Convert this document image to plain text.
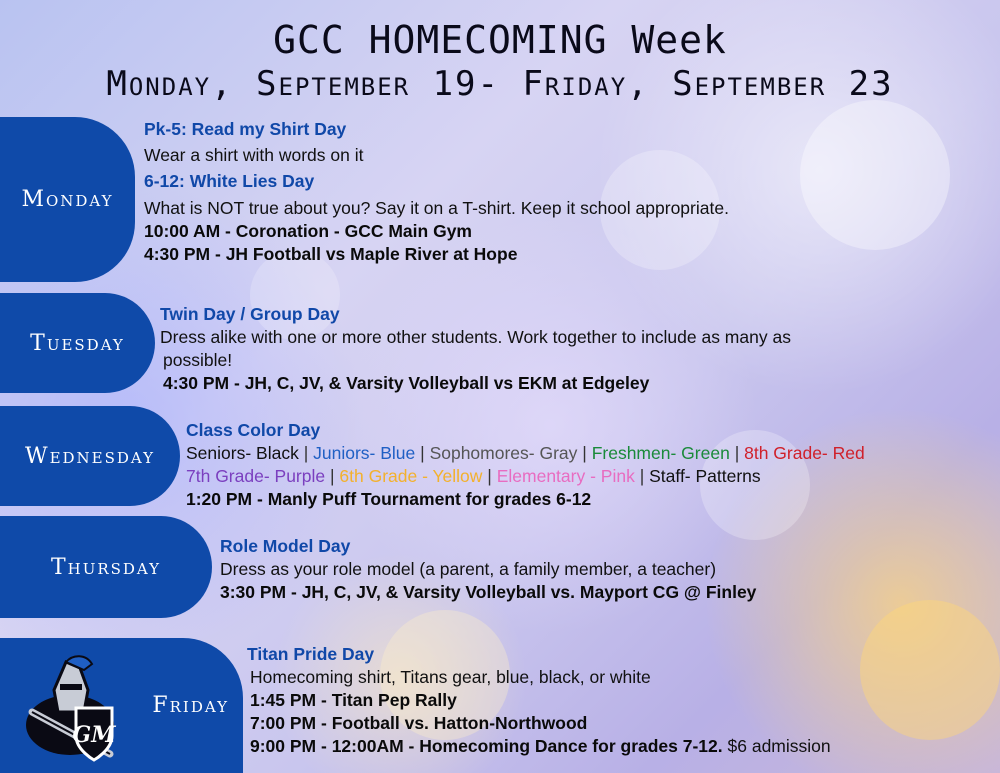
GCC HOMECOMING Week
Monday, September 19- Friday, September 23
Monday
Pk-5: Read my Shirt Day
Wear a shirt with words on it
6-12: White Lies Day
What is NOT true about you? Say it on a T-shirt. Keep it school appropriate.
10:00 AM - Coronation - GCC Main Gym
4:30 PM - JH Football vs Maple River at Hope
Tuesday
Twin Day / Group Day
Dress alike with one or more other students. Work together to include as many as
possible!
4:30 PM - JH, C, JV, & Varsity Volleyball vs EKM at Edgeley
Wednesday
Class Color Day
Seniors- Black | Juniors- Blue | Sophomores- Gray | Freshmen- Green | 8th Grade- Red
7th Grade- Purple | 6th Grade - Yellow | Elementary - Pink | Staff- Patterns
1:20 PM - Manly Puff Tournament for grades 6-12
Thursday
Role Model Day
Dress as your role model (a parent, a family member, a teacher)
3:30 PM - JH, C, JV, & Varsity Volleyball vs. Mayport CG @ Finley
Friday
GM
Titan Pride Day
Homecoming shirt, Titans gear, blue, black, or white
1:45 PM - Titan Pep Rally
7:00 PM - Football vs. Hatton-Northwood
9:00 PM - 12:00AM - Homecoming Dance for grades 7-12. $6 admission
